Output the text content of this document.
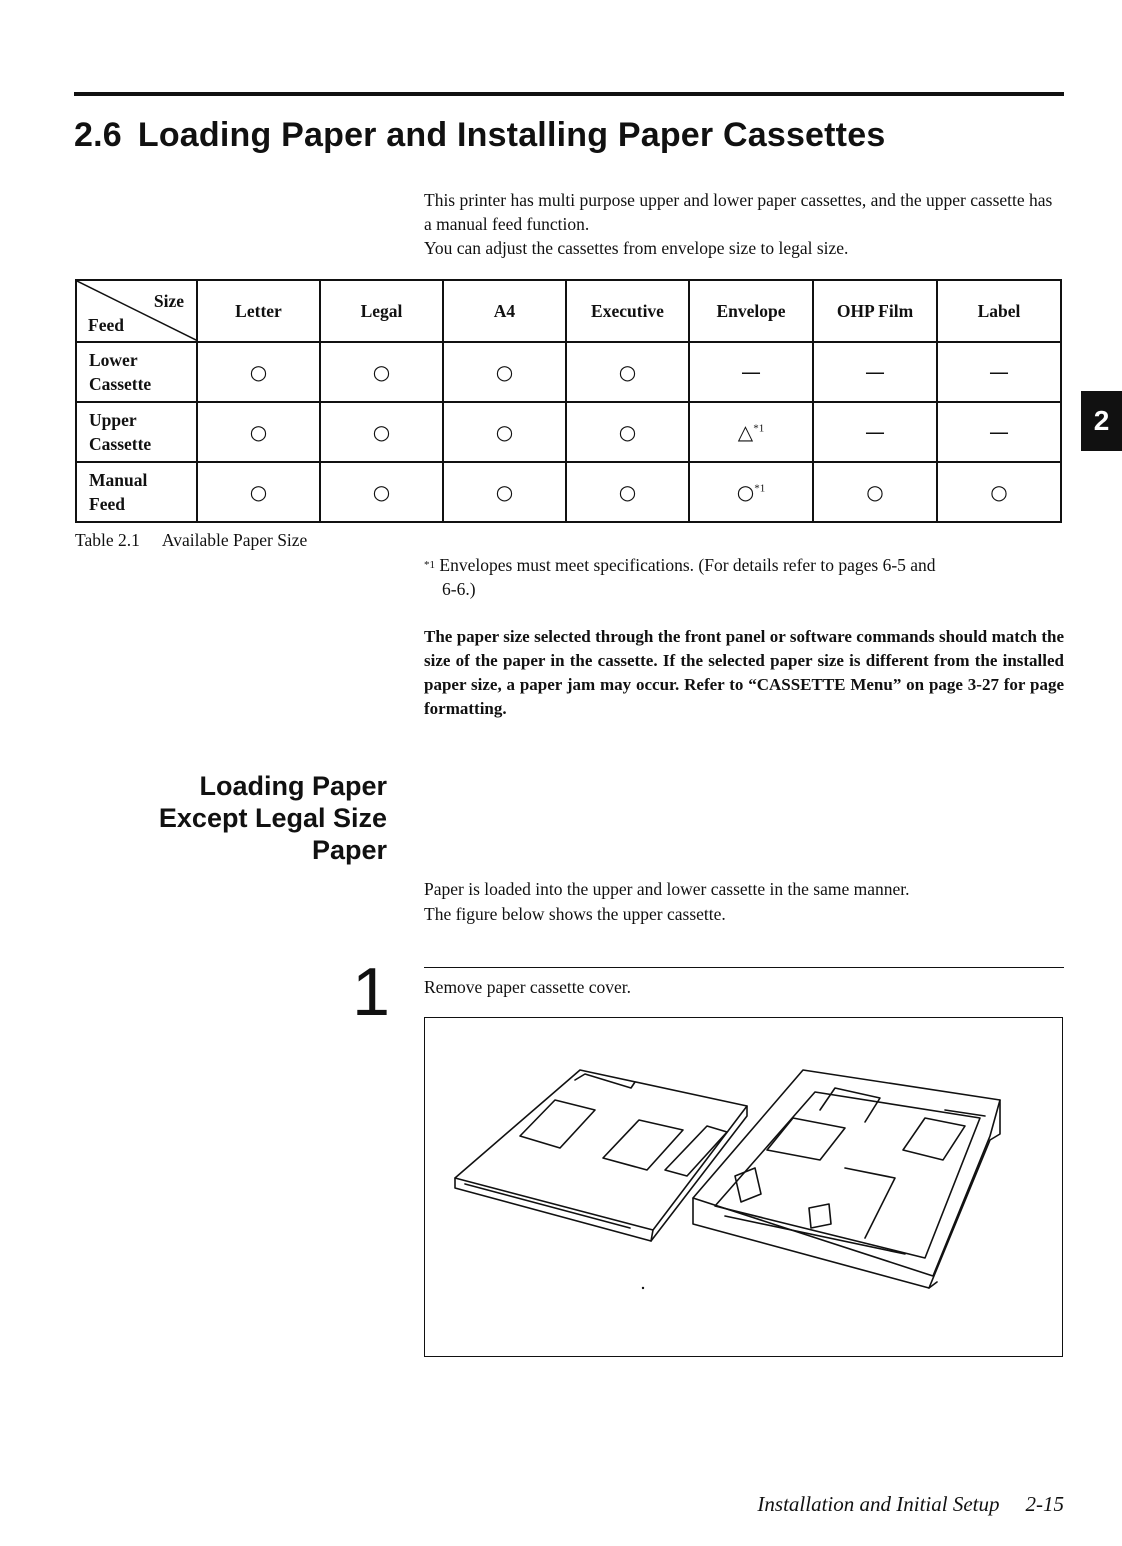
2.6 Loading Paper and Installing Paper Cassettes

This printer has multi purpose upper and lower paper cassettes, and the upper cassette has a manual feed function.

You can adjust the cassettes from envelope size to legal size.

Size
Feed	Letter	Legal	A4	Executive	Envelope	OHP Film	Label
Lower
Cassette	○	○	○	○	—	—	—
Upper
Cassette	○	○	○	○	△$^{*1}$	—	—
Manual
Feed	○	○	○	○	○$^{*1}$	○	○
Table 2.1 Available Paper Size
$^{*1}$ Envelopes must meet specifications. (For details refer to pages 6-5 and
6-6.)
The paper size selected through the front panel or software commands should match the size of the paper in the cassette. If the selected paper size is different from the installed paper size, a paper jam may occur. Refer to “CASSETTE Menu” on page 3-27 for page formatting.
Loading Paper
Except Legal Size
Paper

Paper is loaded into the upper and lower cassette in the same manner.

The figure below shows the upper cassette.

1 Remove paper cassette cover.
2
Installation and Initial Setup 2-15
